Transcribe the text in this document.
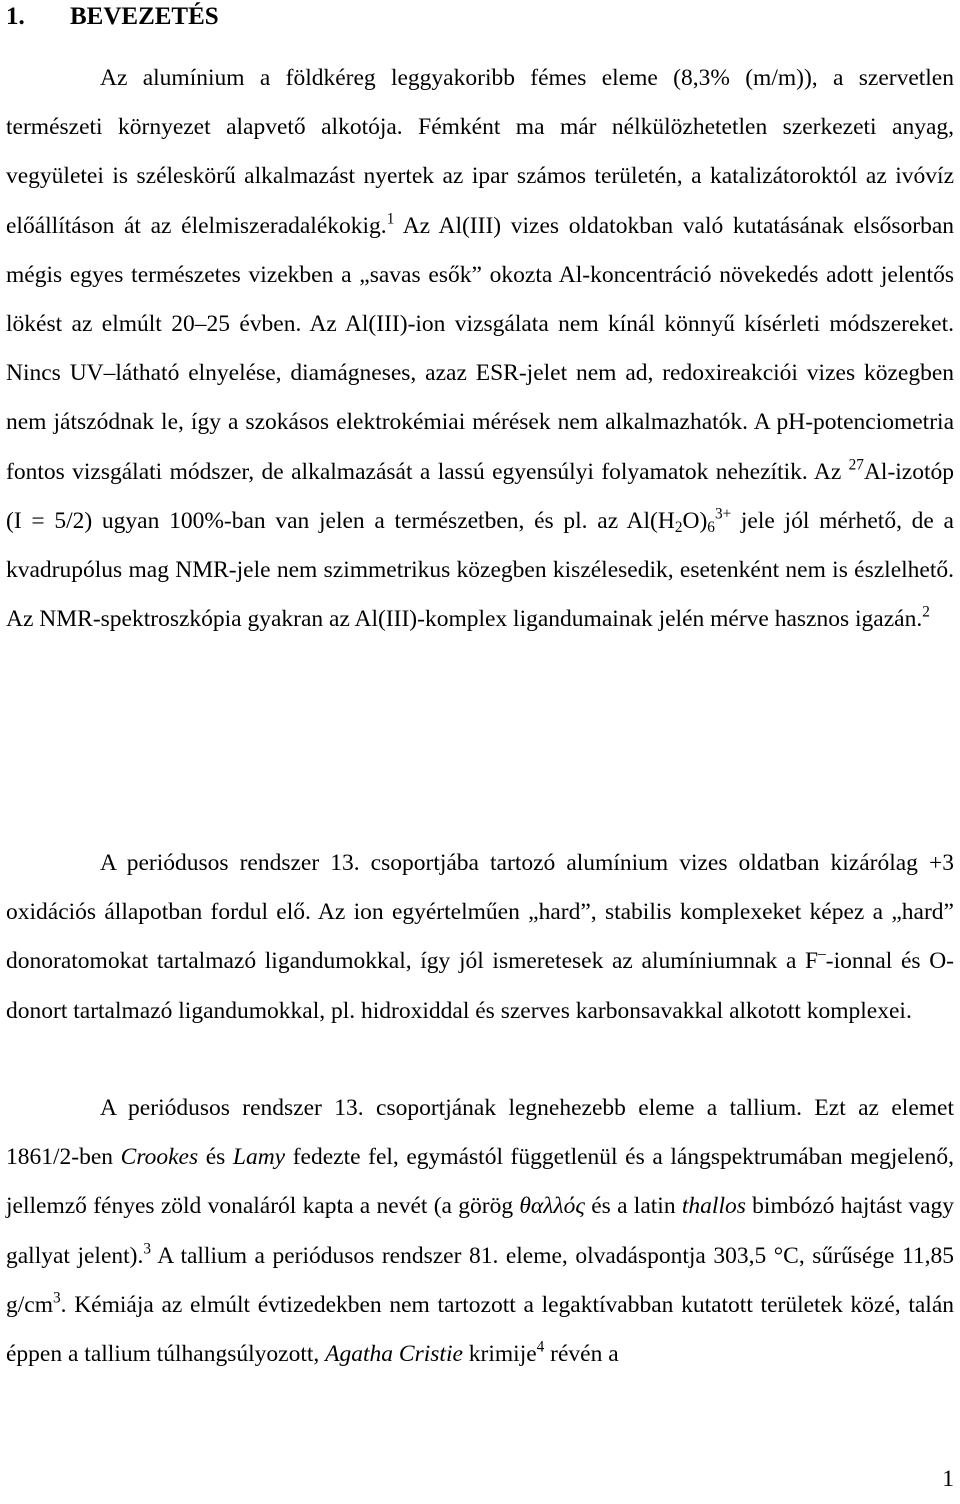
1. BEVEZETÉS

Az alumínium a földkéreg leggyakoribb fémes eleme (8,3% (m/m)), a szervetlen természeti környezet alapvető alkotója. Fémként ma már nélkülözhetetlen szerkezeti anyag, vegyületei is széleskörű alkalmazást nyertek az ipar számos területén, a katalizátoroktól az ivóvíz előállításon át az élelmiszeradalékokig.$^1$ Az Al(III) vizes oldatokban való kutatásának elsősorban mégis egyes természetes vizekben a „savas esők” okozta Al-koncentráció növekedés adott jelentős lökést az elmúlt 20–25 évben. Az Al(III)-ion vizsgálata nem kínál könnyű kísérleti módszereket. Nincs UV–látható elnyelése, diamágneses, azaz ESR-jelet nem ad, redoxireakciói vizes közegben nem játszódnak le, így a szokásos elektrokémiai mérések nem alkalmazhatók. A pH-potenciometria fontos vizsgálati módszer, de alkalmazását a lassú egyensúlyi folyamatok nehezítik. Az $^{27}$Al-izotóp (I = 5/2) ugyan 100%-ban van jelen a természetben, és pl. az $Al(H_2O)_6^{3+}$ jele jól mérhető, de a kvadrupólus mag NMR-jele nem szimmetrikus közegben kiszélesedik, esetenként nem is észlelhető. Az NMR-spektroszkópia gyakran az Al(III)-komplex ligandumainak jelén mérve hasznos igazán.$^2$

A periódusos rendszer 13. csoportjába tartozó alumínium vizes oldatban kizárólag +3 oxidációs állapotban fordul elő. Az ion egyértelműen „hard”, stabilis komplexeket képez a „hard” donoratomokat tartalmazó ligandumokkal, így jól ismeretesek az alumíniumnak a F–-ionnal és O-donort tartalmazó ligandumokkal, pl. hidroxiddal és szerves karbonsavakkal alkotott komplexei.

A periódusos rendszer 13. csoportjának legnehezebb eleme a tallium. Ezt az elemet 1861/2-ben Crookes és Lamy fedezte fel, egymástól függetlenül és a lángspektrumában megjelenő, jellemző fényes zöld vonaláról kapta a nevét (a görög θαλλός és a latin thallos bimbózó hajtást vagy gallyat jelent).$^3$ A tallium a periódusos rendszer 81. eleme, olvadáspontja 303,5 °C, sűrűsége 11,85 $g/cm^3$. Kémiája az elmúlt évtizedekben nem tartozott a legaktívabban kutatott területek közé, talán éppen a tallium túlhangsúlyozott, Agatha Cristie krimije$^4$ révén a

1
